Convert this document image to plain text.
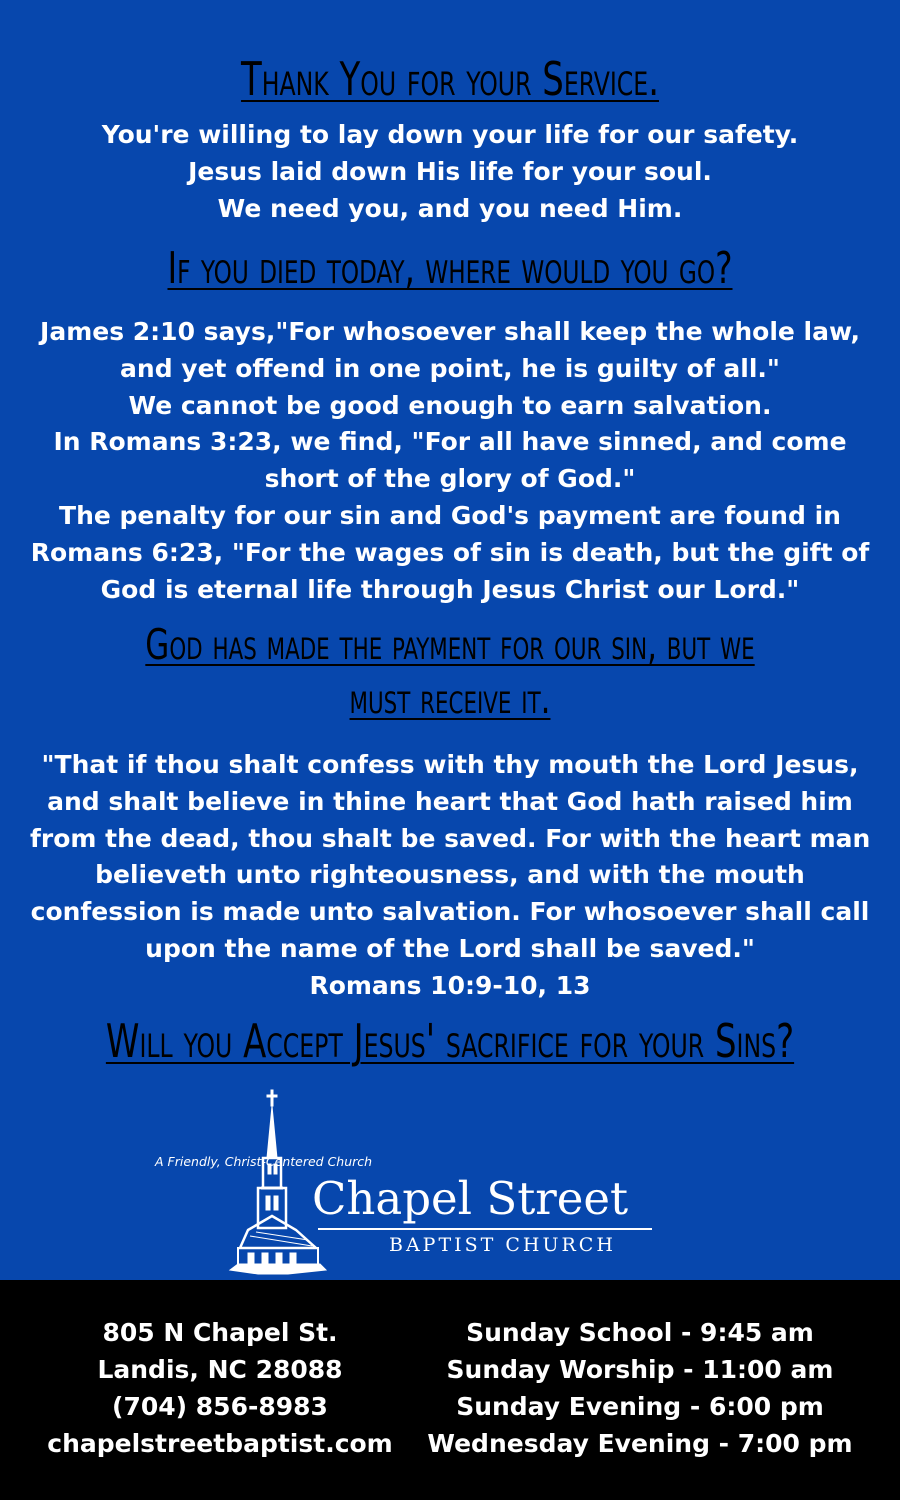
Thank You for your Service.
You're willing to lay down your life for our safety.
Jesus laid down His life for your soul.
We need you, and you need Him.
If you died today, where would you go?
James 2:10 says,"For whosoever shall keep the whole law,
and yet offend in one point, he is guilty of all."
We cannot be good enough to earn salvation.
In Romans 3:23, we find, "For all have sinned, and come
short of the glory of God."
The penalty for our sin and God's payment are found in
Romans 6:23, "For the wages of sin is death, but the gift of
God is eternal life through Jesus Christ our Lord."
God has made the payment for our sin, but we
must receive it.
"That if thou shalt confess with thy mouth the Lord Jesus,
and shalt believe in thine heart that God hath raised him
from the dead, thou shalt be saved. For with the heart man
believeth unto righteousness, and with the mouth
confession is made unto salvation. For whosoever shall call
upon the name of the Lord shall be saved."
Romans 10:9-10, 13
Will you Accept Jesus' sacrifice for your Sins?
A Friendly, Christ-Centered Church
Chapel Street
BAPTIST CHURCH
805 N Chapel St.
Landis, NC 28088
(704) 856-8983
chapelstreetbaptist.com
Sunday School - 9:45 am
Sunday Worship - 11:00 am
Sunday Evening - 6:00 pm
Wednesday Evening - 7:00 pm
